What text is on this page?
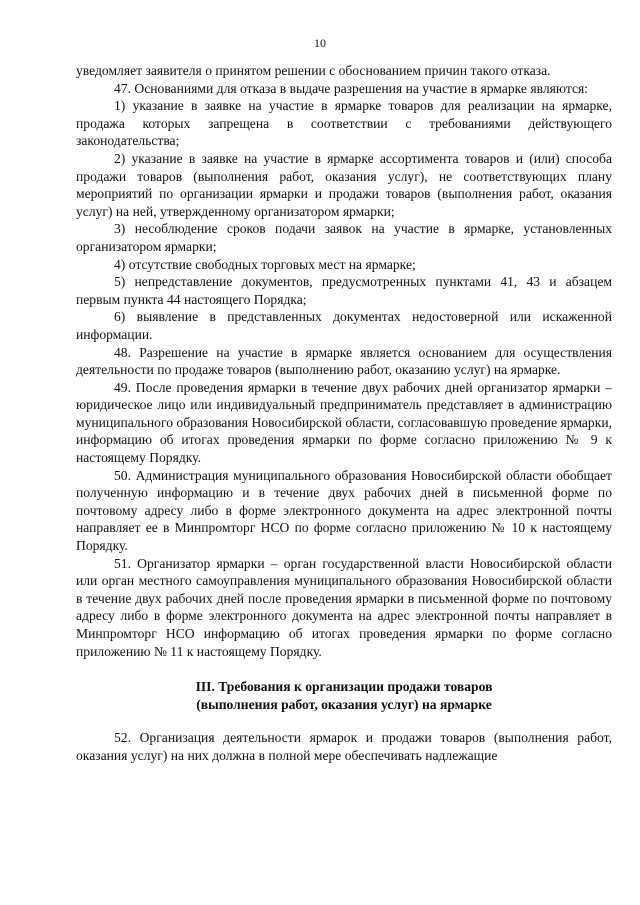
10

уведомляет заявителя о принятом решении с обоснованием причин такого отказа.

47. Основаниями для отказа в выдаче разрешения на участие в ярмарке являются:

1) указание в заявке на участие в ярмарке товаров для реализации на ярмарке, продажа которых запрещена в соответствии с требованиями действующего законодательства;

2) указание в заявке на участие в ярмарке ассортимента товаров и (или) способа продажи товаров (выполнения работ, оказания услуг), не соответствующих плану мероприятий по организации ярмарки и продажи товаров (выполнения работ, оказания услуг) на ней, утвержденному организатором ярмарки;

3) несоблюдение сроков подачи заявок на участие в ярмарке, установленных организатором ярмарки;

4) отсутствие свободных торговых мест на ярмарке;

5) непредставление документов, предусмотренных пунктами 41, 43 и абзацем первым пункта 44 настоящего Порядка;

6) выявление в представленных документах недостоверной или искаженной информации.

48. Разрешение на участие в ярмарке является основанием для осуществления деятельности по продаже товаров (выполнению работ, оказанию услуг) на ярмарке.

49. После проведения ярмарки в течение двух рабочих дней организатор ярмарки – юридическое лицо или индивидуальный предприниматель представляет в администрацию муниципального образования Новосибирской области, согласовавшую проведение ярмарки, информацию об итогах проведения ярмарки по форме согласно приложению № 9 к настоящему Порядку.

50. Администрация муниципального образования Новосибирской области обобщает полученную информацию и в течение двух рабочих дней в письменной форме по почтовому адресу либо в форме электронного документа на адрес электронной почты направляет ее в Минпромторг НСО по форме согласно приложению № 10 к настоящему Порядку.

51. Организатор ярмарки – орган государственной власти Новосибирской области или орган местного самоуправления муниципального образования Новосибирской области в течение двух рабочих дней после проведения ярмарки в письменной форме по почтовому адресу либо в форме электронного документа на адрес электронной почты направляет в Минпромторг НСО информацию об итогах проведения ярмарки по форме согласно приложению № 11 к настоящему Порядку.

III. Требования к организации продажи товаров
(выполнения работ, оказания услуг) на ярмарке

52. Организация деятельности ярмарок и продажи товаров (выполнения работ, оказания услуг) на них должна в полной мере обеспечивать надлежащие
